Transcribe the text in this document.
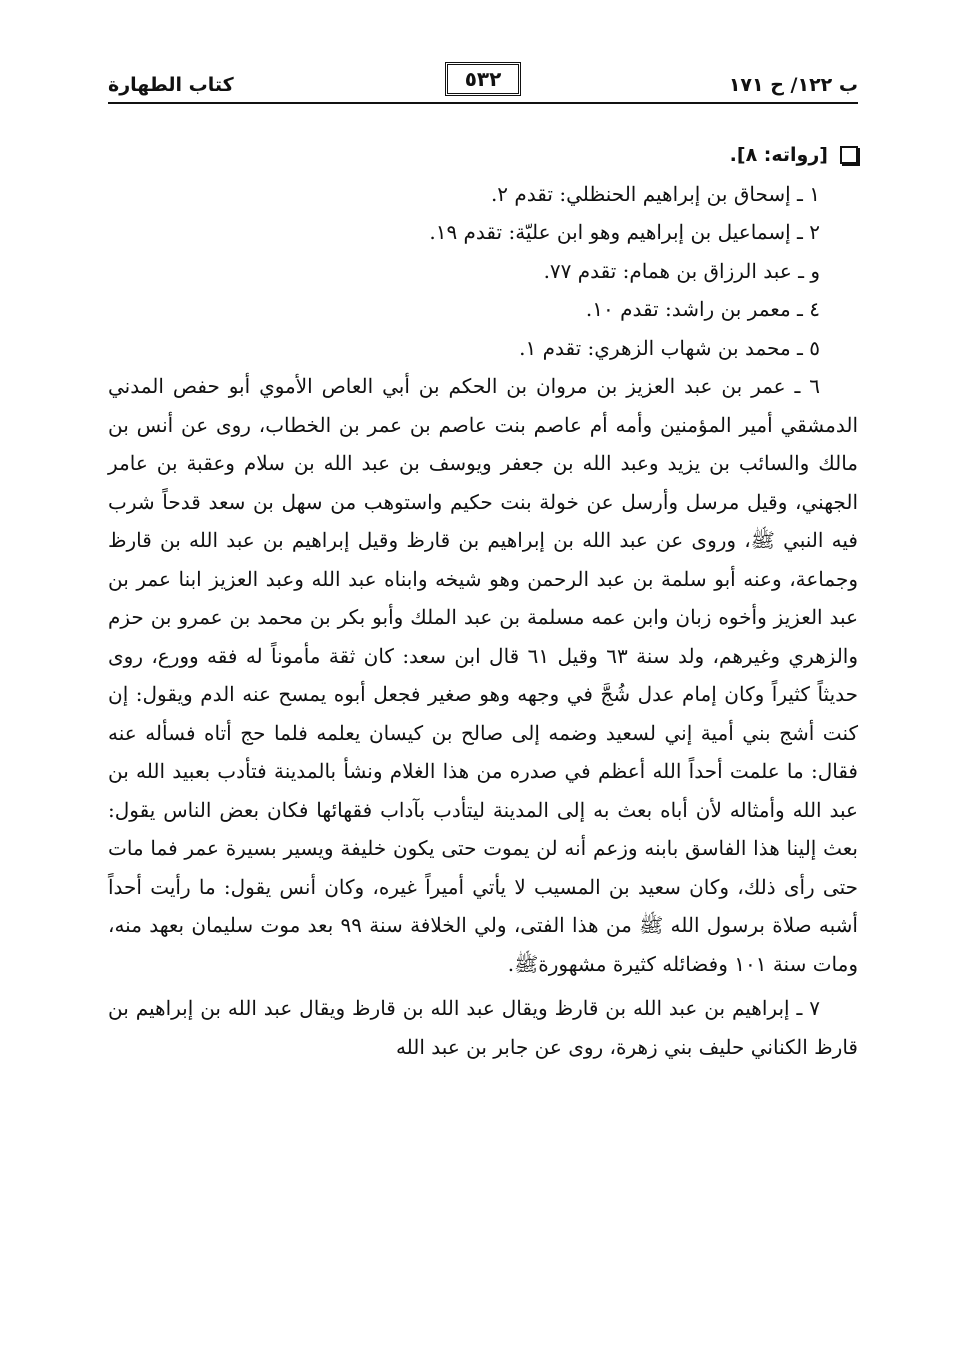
ب ١٢٢/ ح ١٧١
٥٣٢
كتاب الطهارة
[رواته: ٨].
١ ـ إسحاق بن إبراهيم الحنظلي: تقدم ٢.
٢ ـ إسماعيل بن إبراهيم وهو ابن عليّة: تقدم ١٩.
و ـ عبد الرزاق بن همام: تقدم ٧٧.
٤ ـ معمر بن راشد: تقدم ١٠.
٥ ـ محمد بن شهاب الزهري: تقدم ١.

٦ ـ عمر بن عبد العزيز بن مروان بن الحكم بن أبي العاص الأموي أبو حفص المدني الدمشقي أمير المؤمنين وأمه أم عاصم بنت عاصم بن عمر بن الخطاب، روى عن أنس بن مالك والسائب بن يزيد وعبد الله بن جعفر ويوسف بن عبد الله بن سلام وعقبة بن عامر الجهني، وقيل مرسل وأرسل عن خولة بنت حكيم واستوهب من سهل بن سعد قدحاً شرب فيه النبي ﷺ، وروى عن عبد الله بن إبراهيم بن قارظ وقيل إبراهيم بن عبد الله بن قارظ وجماعة، وعنه أبو سلمة بن عبد الرحمن وهو شيخه وابناه عبد الله وعبد العزيز ابنا عمر بن عبد العزيز وأخوه زبان وابن عمه مسلمة بن عبد الملك وأبو بكر بن محمد بن عمرو بن حزم والزهري وغيرهم، ولد سنة ٦٣ وقيل ٦١ قال ابن سعد: كان ثقة مأموناً له فقه وورع، روى حديثاً كثيراً وكان إمام عدل شُجَّ في وجهه وهو صغير فجعل أبوه يمسح عنه الدم ويقول: إن كنت أشج بني أمية إني لسعيد وضمه إلى صالح بن كيسان يعلمه فلما حج أتاه فسأله عنه فقال: ما علمت أحداً الله أعظم في صدره من هذا الغلام ونشأ بالمدينة فتأدب بعبيد الله بن عبد الله وأمثاله لأن أباه بعث به إلى المدينة ليتأدب بآداب فقهائها فكان بعض الناس يقول: بعث إلينا هذا الفاسق بابنه وزعم أنه لن يموت حتى يكون خليفة ويسير بسيرة عمر فما مات حتى رأى ذلك، وكان سعيد بن المسيب لا يأتي أميراً غيره، وكان أنس يقول: ما رأيت أحداً أشبه صلاة برسول الله ﷺ من هذا الفتى، ولي الخلافة سنة ٩٩ بعد موت سليمان بعهد منه، ومات سنة ١٠١ وفضائله كثيرة مشهورةﷺ.

٧ ـ إبراهيم بن عبد الله بن قارظ ويقال عبد الله بن قارظ ويقال عبد الله بن إبراهيم بن قارظ الكناني حليف بني زهرة، روى عن جابر بن عبد الله
